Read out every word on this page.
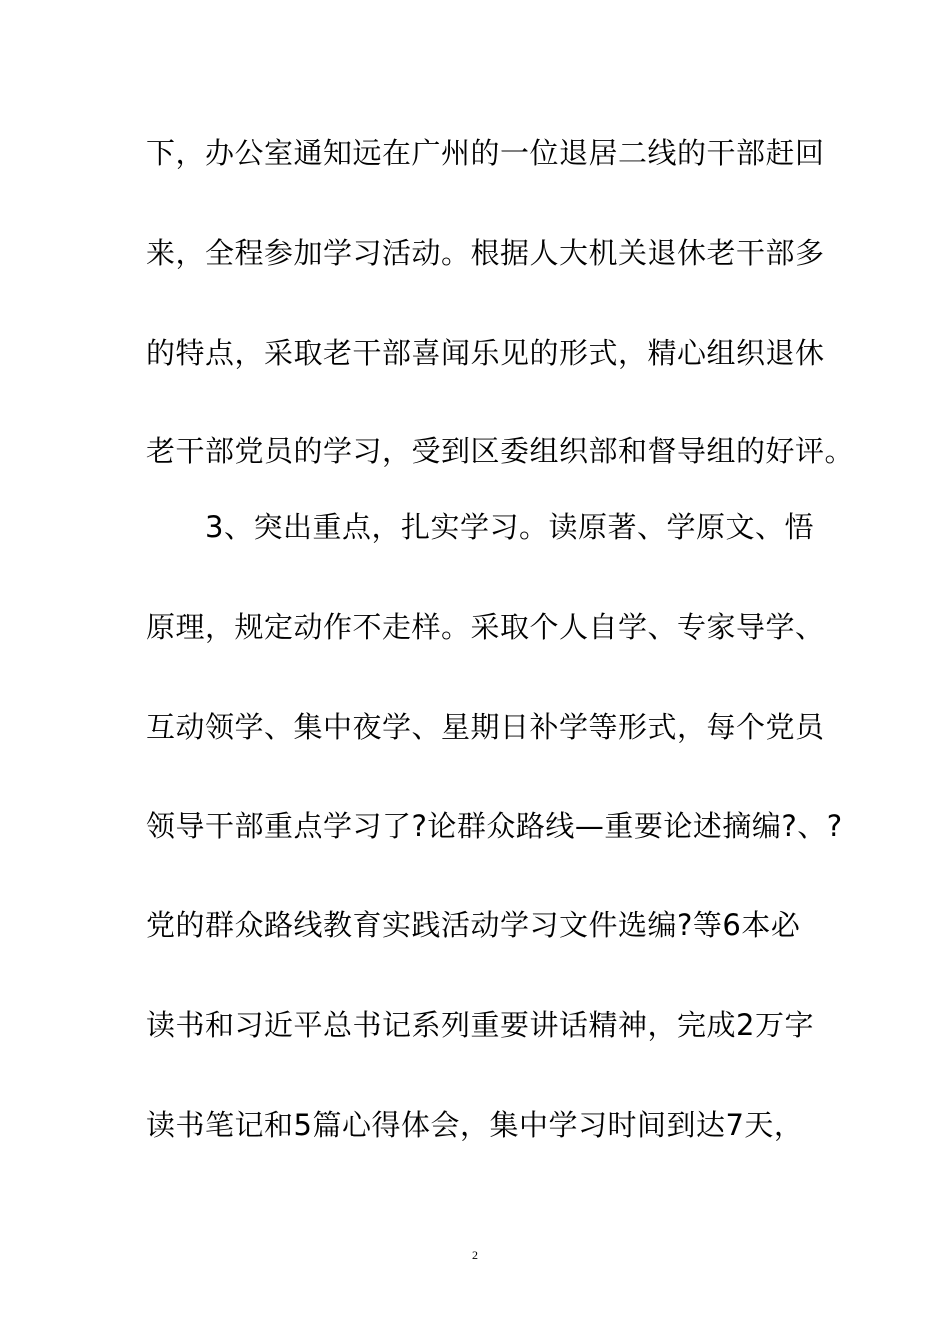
下，办公室通知远在广州的一位退居二线的干部赶回
来，全程参加学习活动。根据人大机关退休老干部多
的特点，采取老干部喜闻乐见的形式，精心组织退休
老干部党员的学习，受到区委组织部和督导组的好评。
3、突出重点，扎实学习。读原著、学原文、悟
原理，规定动作不走样。采取个人自学、专家导学、
互动领学、集中夜学、星期日补学等形式，每个党员
领导干部重点学习了?论群众路线—重要论述摘编?、?
党的群众路线教育实践活动学习文件选编?等6本必
读书和习近平总书记系列重要讲话精神，完成2万字
读书笔记和5篇心得体会，集中学习时间到达7天，
2
